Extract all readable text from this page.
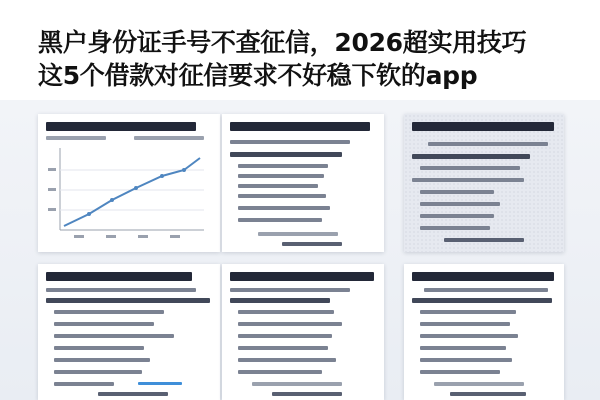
黑户身份证手号不查征信，2026超实用技巧
这5个借款对征信要求不好稳下钦的app
